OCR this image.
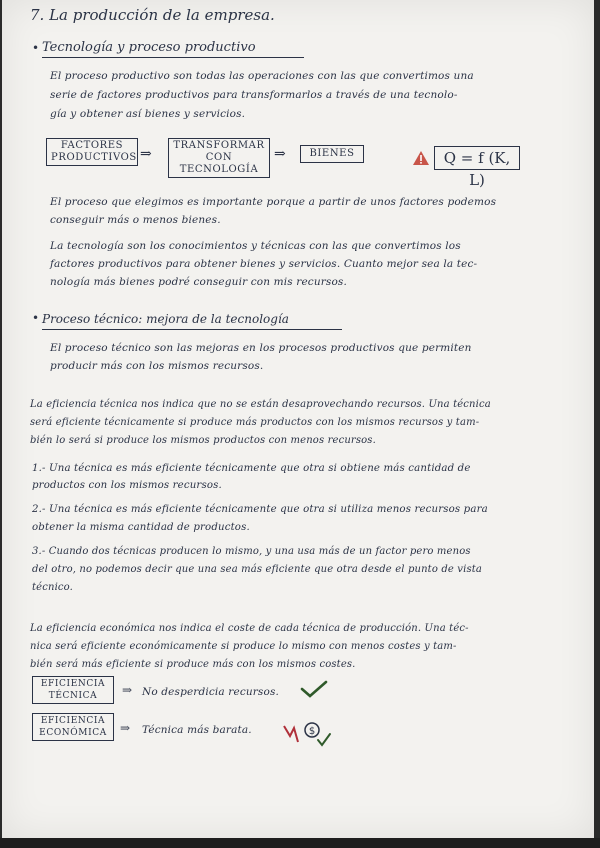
7. La producción de la empresa.
• Tecnología y proceso productivo
El proceso productivo son todas las operaciones con las que convertimos una
serie de factores productivos para transformarlos a través de una tecnolo-
gía y obtener así bienes y servicios.
FACTORES
PRODUCTIVOS ⇒
TRANSFORMAR
CON TECNOLOGÍA
⇒	BIENES	Q = f (K, L)
El proceso que elegimos es importante porque a partir de unos factores podemos
conseguir más o menos bienes.
La tecnología son los conocimientos y técnicas con las que convertimos los
factores productivos para obtener bienes y servicios. Cuanto mejor sea la tec-
nología más bienes podré conseguir con mis recursos.
• Proceso técnico: mejora de la tecnología
El proceso técnico son las mejoras en los procesos productivos que permiten
producir más con los mismos recursos.
La eficiencia técnica nos indica que no se están desaprovechando recursos. Una técnica
será eficiente técnicamente si produce más productos con los mismos recursos y tam-
bién lo será si produce los mismos productos con menos recursos.
1.- Una técnica es más eficiente técnicamente que otra si obtiene más cantidad de
productos con los mismos recursos.
2.- Una técnica es más eficiente técnicamente que otra si utiliza menos recursos para
obtener la misma cantidad de productos.
3.- Cuando dos técnicas producen lo mismo, y una usa más de un factor pero menos
del otro, no podemos decir que una sea más eficiente que otra desde el punto de vista
técnico.
La eficiencia económica nos indica el coste de cada técnica de producción. Una téc-
nica será eficiente económicamente si produce lo mismo con menos costes y tam-
bién será más eficiente si produce más con los mismos costes.
EFICIENCIA
TÉCNICA	⇒ No desperdicia recursos.
EFICIENCIA
ECONÓMICA ⇒ Técnica más barata.	$
